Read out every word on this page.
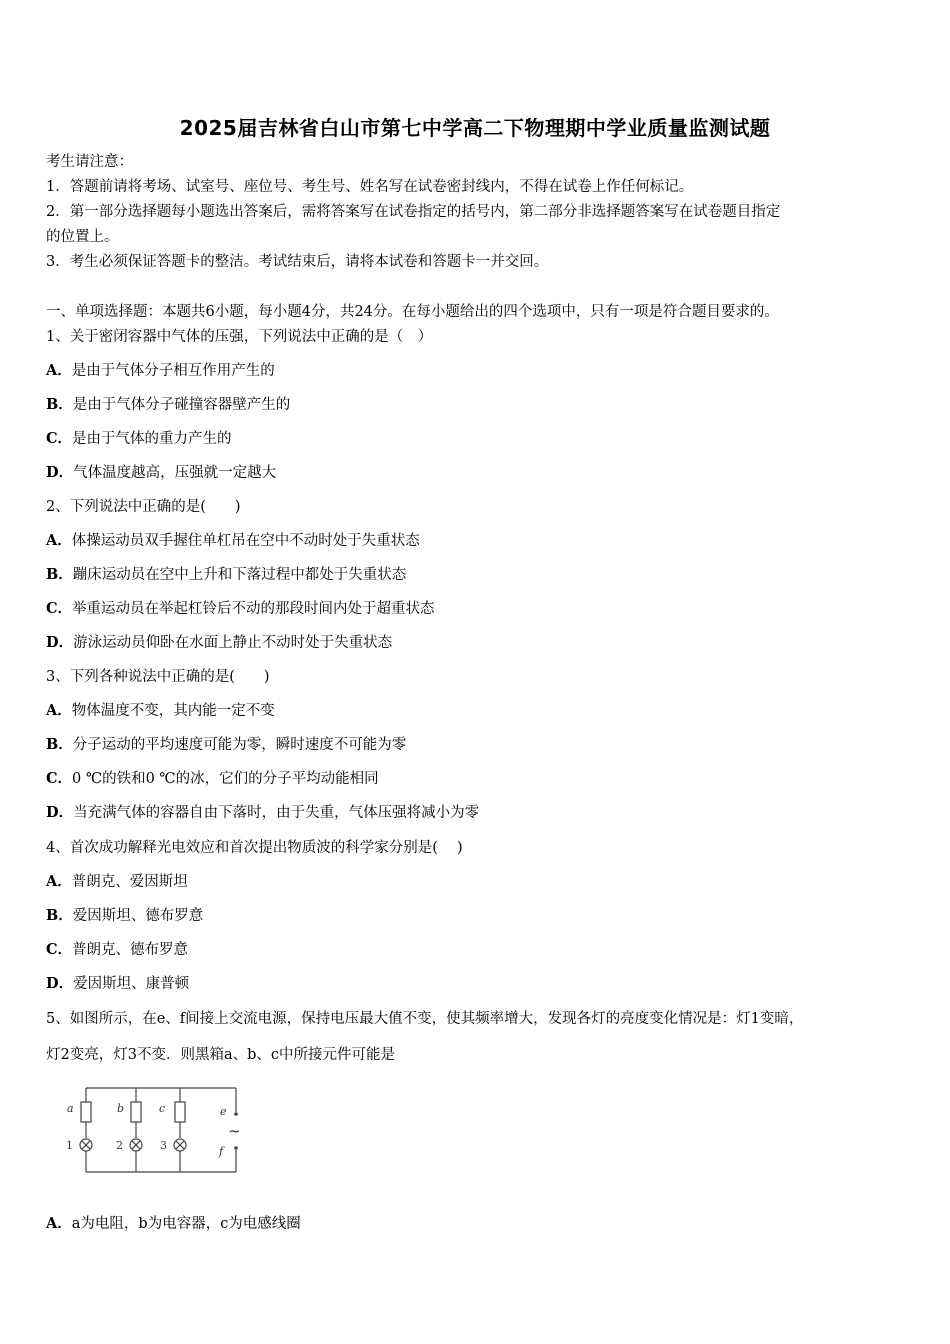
2025届吉林省白山市第七中学高二下物理期中学业质量监测试题
考生请注意：
1．答题前请将考场、试室号、座位号、考生号、姓名写在试卷密封线内，不得在试卷上作任何标记。
2．第一部分选择题每小题选出答案后，需将答案写在试卷指定的括号内，第二部分非选择题答案写在试卷题目指定
的位置上。
3．考生必须保证答题卡的整洁。考试结束后，请将本试卷和答题卡一并交回。
一、单项选择题：本题共6小题，每小题4分，共24分。在每小题给出的四个选项中，只有一项是符合题目要求的。
1、关于密闭容器中气体的压强，下列说法中正确的是（　）
A．是由于气体分子相互作用产生的
B．是由于气体分子碰撞容器壁产生的
C．是由于气体的重力产生的
D．气体温度越高，压强就一定越大
2、下列说法中正确的是(　　)
A．体操运动员双手握住单杠吊在空中不动时处于失重状态
B．蹦床运动员在空中上升和下落过程中都处于失重状态
C．举重运动员在举起杠铃后不动的那段时间内处于超重状态
D．游泳运动员仰卧在水面上静止不动时处于失重状态
3、下列各种说法中正确的是(　　)
A．物体温度不变，其内能一定不变
B．分子运动的平均速度可能为零，瞬时速度不可能为零
C．0 ℃的铁和0 ℃的冰，它们的分子平均动能相同
D．当充满气体的容器自由下落时，由于失重，气体压强将减小为零
4、首次成功解释光电效应和首次提出物质波的科学家分别是(　 )
A．普朗克、爱因斯坦
B．爱因斯坦、德布罗意
C．普朗克、德布罗意
D．爱因斯坦、康普顿
5、如图所示，在e、f间接上交流电源，保持电压最大值不变，使其频率增大，发现各灯的亮度变化情况是：灯1变暗，
灯2变亮，灯3不变．则黑箱a、b、c中所接元件可能是
a	b	c	e
f
1	2	3
~
A．a为电阻，b为电容器，c为电感线圈
